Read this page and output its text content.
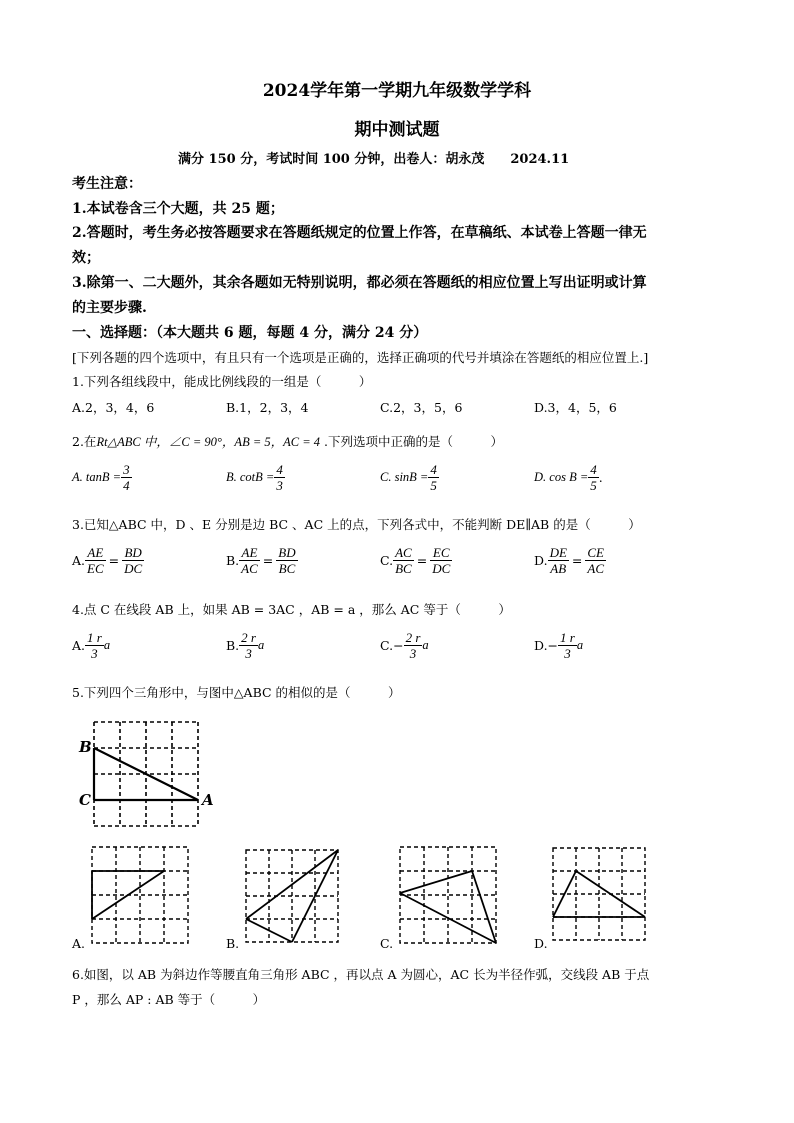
2024学年第一学期九年级数学学科
期中测试题
满分 150 分，考试时间 100 分钟，出卷人：胡永茂　　2024.11
考生注意：
1.本试卷含三个大题，共 25 题；
2.答题时，考生务必按答题要求在答题纸规定的位置上作答，在草稿纸、本试卷上答题一律无
效；
3.除第一、二大题外，其余各题如无特别说明，都必须在答题纸的相应位置上写出证明或计算
的主要步骤.
一、选择题：（本大题共 6 题，每题 4 分，满分 24 分）
[下列各题的四个选项中，有且只有一个选项是正确的，选择正确项的代号并填涂在答题纸的相应位置上.]
1.下列各组线段中，能成比例线段的一组是（　　　）
A.2，3，4，6	B.1，2，3，4	C.2，3，5，6	D.3，4，5，6
2.在Rt△ABC 中，∠C = 90°，AB = 5，AC = 4 .下列选项中正确的是（　　　）
A. $\tan B = \frac{3}{4}$	B. $\cot B = \frac{4}{3}$	C. $\sin B = \frac{4}{5}$	D. $\cos B = \frac{4}{5}$ .
3.已知△ABC 中，D 、E 分别是边 BC 、AC 上的点，下列各式中，不能判断 DE∥AB 的是（　　　）
A. $\frac{AE}{EC} = \frac{BD}{DC}$	B. $\frac{AE}{AC} = \frac{BD}{BC}$	C. $\frac{AC}{BC} = \frac{EC}{DC}$	D. $\frac{DE}{AB} = \frac{CE}{AC}$
4.点 C 在线段 AB 上，如果 AB = 3AC ，AB = a ，那么 AC 等于（　　　）
A. $\frac{1 r}{3}$ a	B. $\frac{2 r}{3}$ a	$C.- \frac{2 r}{3}$ a	$D.- \frac{1 r}{3}$ a
5.下列四个三角形中，与图中△ABC 的相似的是（　　　）
B
C	A
A.	B.	C.	D.
6.如图，以 AB 为斜边作等腰直角三角形 ABC ，再以点 A 为圆心，AC 长为半径作弧，交线段 AB 于点
P ，那么 AP : AB 等于（　　　）
